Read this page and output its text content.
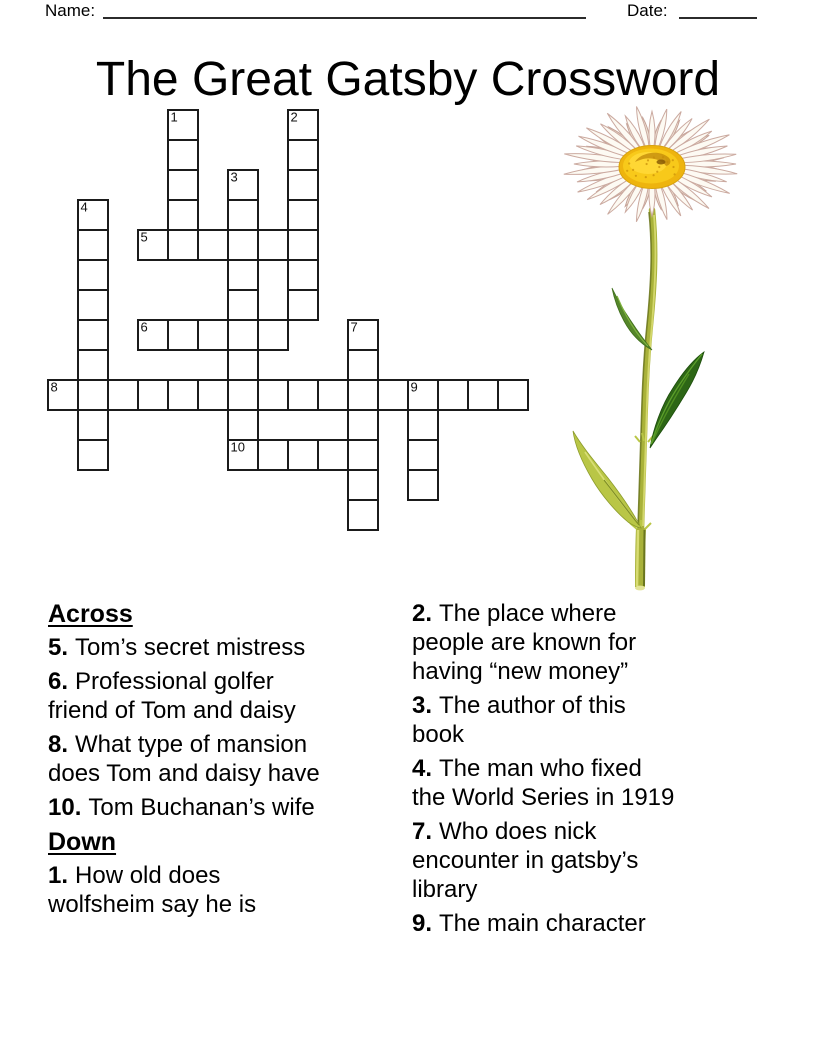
Name:	Date:
The Great Gatsby Crossword
1	2
3
4
5
6	7
8	9
10
Across
5. Tom’s secret mistress
6. Professional golfer friend of Tom and daisy
8. What type of mansion does Tom and daisy have
10. Tom Buchanan’s wife
Down
1. How old does wolfsheim say he is
2. The place where people are known for having “new money”
3. The author of this book
4. The man who fixed the World Series in 1919
7. Who does nick encounter in gatsby’s library
9. The main character
